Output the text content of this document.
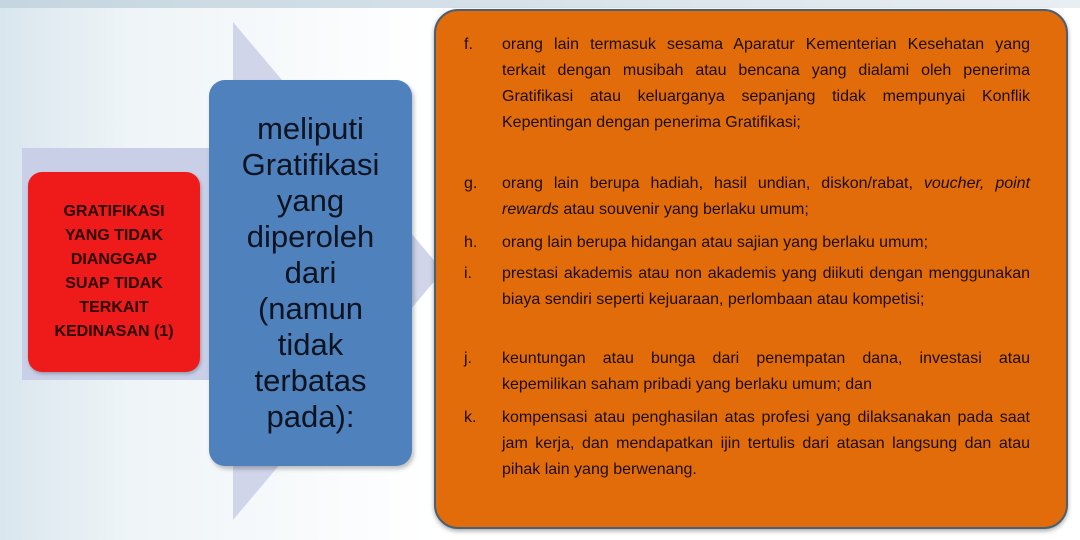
GRATIFIKASI
YANG TIDAK
DIANGGAP
SUAP TIDAK
TERKAIT
KEDINASAN (1)
meliputi
Gratifikasi
yang
diperoleh
dari
(namun
tidak
terbatas
pada):
f. orang lain termasuk sesama Aparatur Kementerian Kesehatan yang terkait dengan musibah atau bencana yang dialami oleh penerima Gratifikasi atau keluarganya sepanjang tidak mempunyai Konflik Kepentingan dengan penerima Gratifikasi;
g. orang lain berupa hadiah, hasil undian, diskon/rabat, voucher, point rewards atau souvenir yang berlaku umum;
h. orang lain berupa hidangan atau sajian yang berlaku umum;
i. prestasi akademis atau non akademis yang diikuti dengan menggunakan biaya sendiri seperti kejuaraan, perlombaan atau kompetisi;
j. keuntungan atau bunga dari penempatan dana, investasi atau kepemilikan saham pribadi yang berlaku umum; dan
k. kompensasi atau penghasilan atas profesi yang dilaksanakan pada saat jam kerja, dan mendapatkan ijin tertulis dari atasan langsung dan atau pihak lain yang berwenang.
